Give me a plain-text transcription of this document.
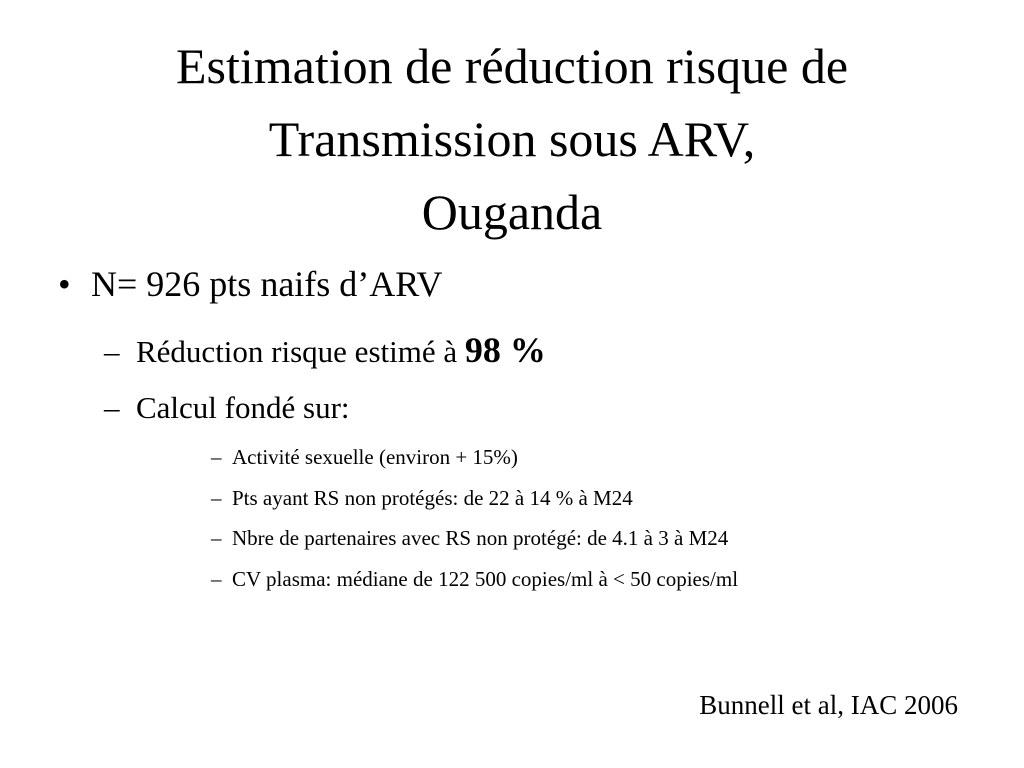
Estimation de réduction risque de
Transmission sous ARV,
Ouganda
• N= 926 pts naifs d’ARV
– Réduction risque estimé à 98 %
– Calcul fondé sur:
– Activité sexuelle (environ + 15%)
– Pts ayant RS non protégés: de 22 à 14 % à M24
– Nbre de partenaires avec RS non protégé: de 4.1 à 3 à M24
– CV plasma: médiane de 122 500 copies/ml à < 50 copies/ml
Bunnell et al, IAC 2006
